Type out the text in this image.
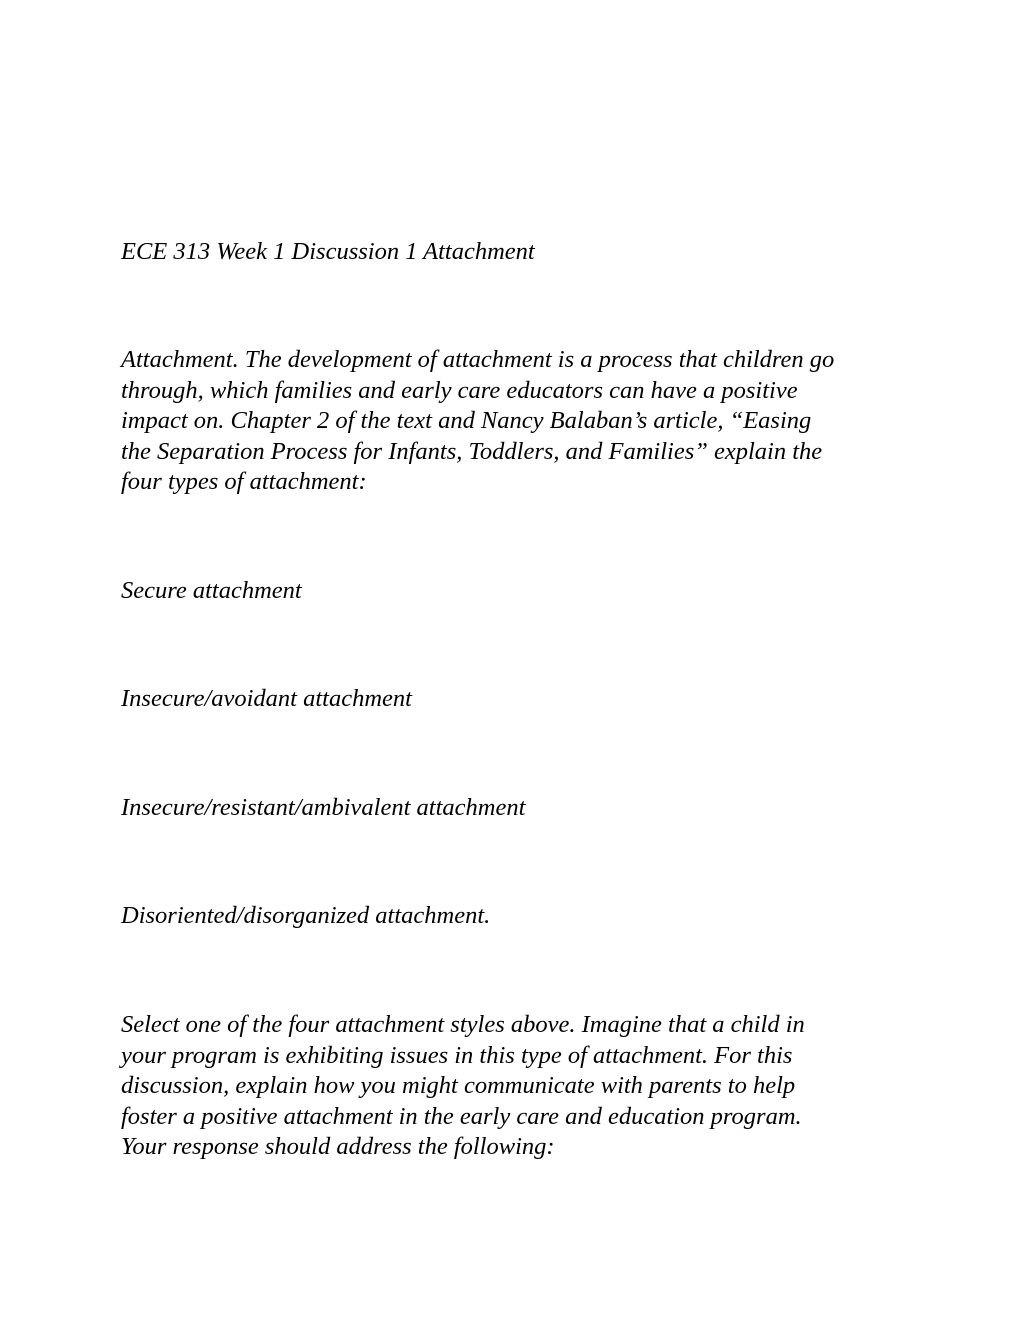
ECE 313 Week 1 Discussion 1 Attachment

Attachment. The development of attachment is a process that children go
through, which families and early care educators can have a positive
impact on. Chapter 2 of the text and Nancy Balaban’s article, “Easing
the Separation Process for Infants, Toddlers, and Families” explain the
four types of attachment:

Secure attachment

Insecure/avoidant attachment

Insecure/resistant/ambivalent attachment

Disoriented/disorganized attachment.

Select one of the four attachment styles above. Imagine that a child in
your program is exhibiting issues in this type of attachment. For this
discussion, explain how you might communicate with parents to help
foster a positive attachment in the early care and education program.
Your response should address the following:
